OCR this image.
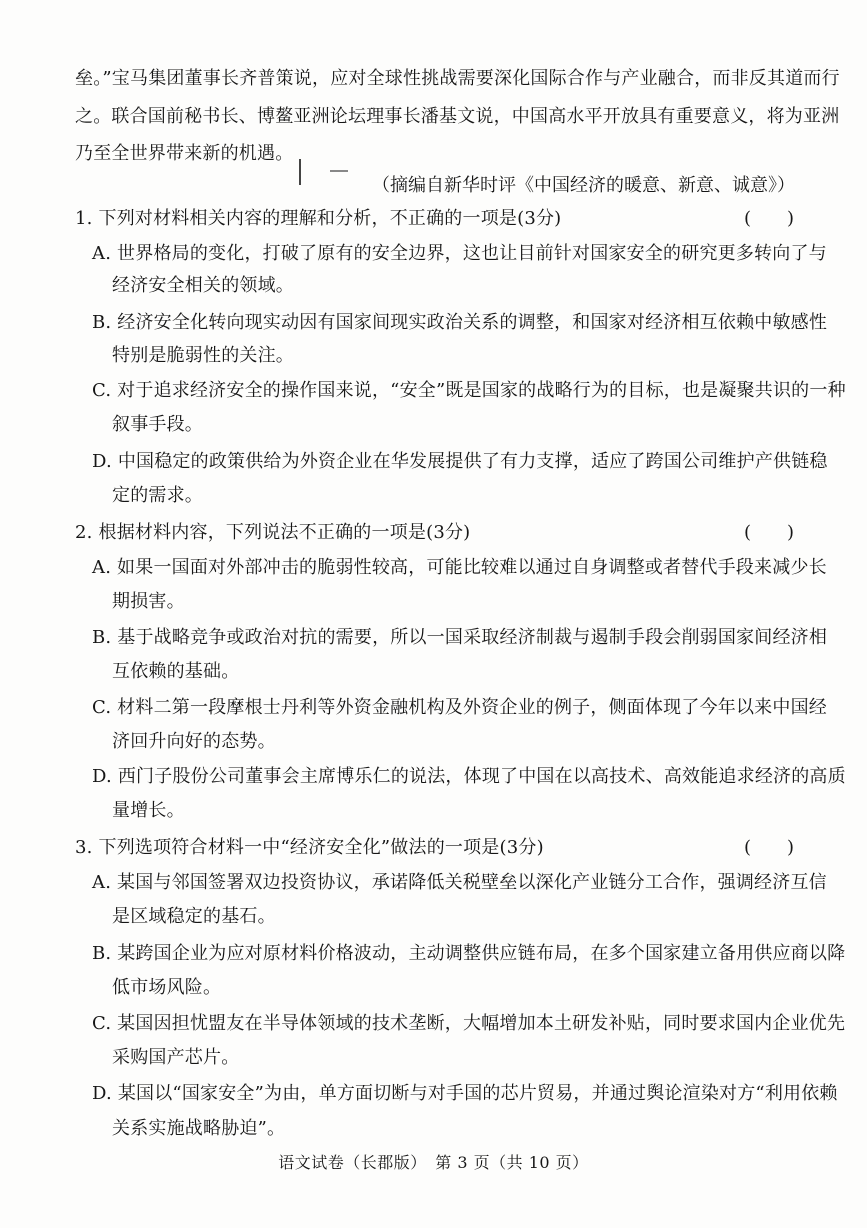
垒。”宝马集团董事长齐普策说，应对全球性挑战需要深化国际合作与产业融合，而非反其道而行
之。联合国前秘书长、博鳌亚洲论坛理事长潘基文说，中国高水平开放具有重要意义，将为亚洲
乃至全世界带来新的机遇。
（摘编自新华时评《中国经济的暖意、新意、诚意》）
1. 下列对材料相关内容的理解和分析，不正确的一项是(3分)	(　　)
A. 世界格局的变化，打破了原有的安全边界，这也让目前针对国家安全的研究更多转向了与
经济安全相关的领域。
B. 经济安全化转向现实动因有国家间现实政治关系的调整，和国家对经济相互依赖中敏感性
特别是脆弱性的关注。
C. 对于追求经济安全的操作国来说，“安全”既是国家的战略行为的目标，也是凝聚共识的一种
叙事手段。
D. 中国稳定的政策供给为外资企业在华发展提供了有力支撑，适应了跨国公司维护产供链稳
定的需求。
2. 根据材料内容，下列说法不正确的一项是(3分)	(　　)
A. 如果一国面对外部冲击的脆弱性较高，可能比较难以通过自身调整或者替代手段来减少长
期损害。
B. 基于战略竞争或政治对抗的需要，所以一国采取经济制裁与遏制手段会削弱国家间经济相
互依赖的基础。
C. 材料二第一段摩根士丹利等外资金融机构及外资企业的例子，侧面体现了今年以来中国经
济回升向好的态势。
D. 西门子股份公司董事会主席博乐仁的说法，体现了中国在以高技术、高效能追求经济的高质
量增长。
3. 下列选项符合材料一中“经济安全化”做法的一项是(3分)	(　　)
A. 某国与邻国签署双边投资协议，承诺降低关税壁垒以深化产业链分工合作，强调经济互信
是区域稳定的基石。
B. 某跨国企业为应对原材料价格波动，主动调整供应链布局，在多个国家建立备用供应商以降
低市场风险。
C. 某国因担忧盟友在半导体领域的技术垄断，大幅增加本土研发补贴，同时要求国内企业优先
采购国产芯片。
D. 某国以“国家安全”为由，单方面切断与对手国的芯片贸易，并通过舆论渲染对方“利用依赖
关系实施战略胁迫”。
语文试卷（长郡版）　第 3 页（共 10 页）
